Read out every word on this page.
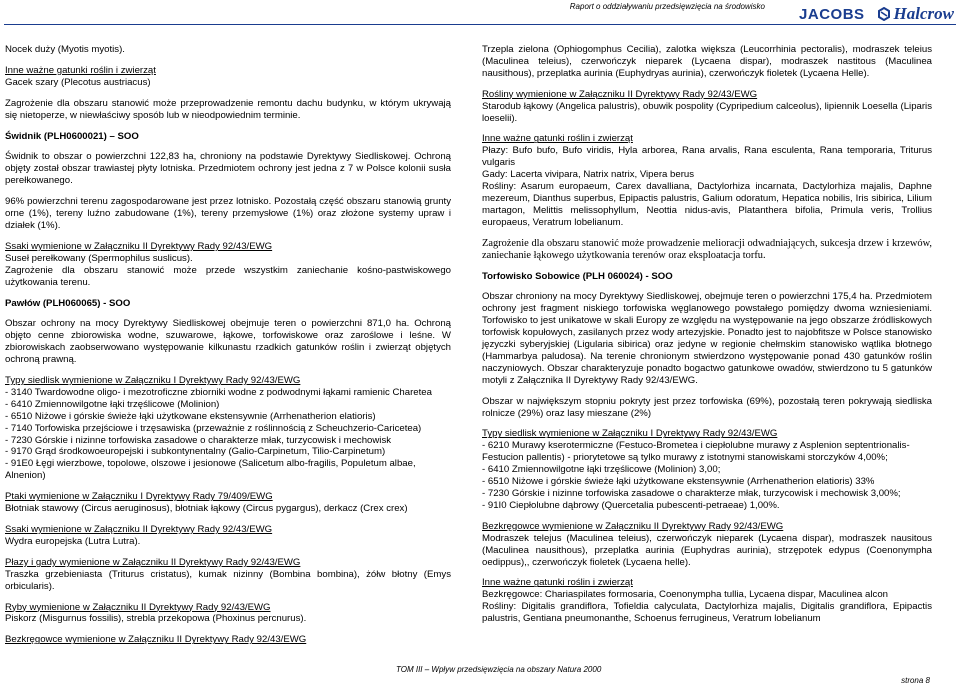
Raport o oddziaływaniu przedsięwzięcia na środowisko JACOBS Halcrow

Nocek duży (Myotis myotis).

Inne ważne gatunki roślin i zwierząt
Gacek szary (Plecotus austriacus)

Zagrożenie dla obszaru stanowić może przeprowadzenie remontu dachu budynku, w którym ukrywają się nietoperze, w niewłaściwy sposób lub w nieodpowiednim terminie.

Świdnik (PLH0600021) – SOO

Świdnik to obszar o powierzchni 122,83 ha, chroniony na podstawie Dyrektywy Siedliskowej. Ochroną objęty został obszar trawiastej płyty lotniska. Przedmiotem ochrony jest jedna z 7 w Polsce kolonii susła perełkowanego.

96% powierzchni terenu zagospodarowane jest przez lotnisko. Pozostałą część obszaru stanowią grunty orne (1%), tereny luźno zabudowane (1%), tereny przemysłowe (1%) oraz złożone systemy upraw i działek (1%).

Ssaki wymienione w Załączniku II Dyrektywy Rady 92/43/EWG
Suseł perełkowany (Spermophilus suslicus).
Zagrożenie dla obszaru stanowić może przede wszystkim zaniechanie kośno-pastwiskowego użytkowania terenu.

Pawłów (PLH060065) - SOO

Obszar ochrony na mocy Dyrektywy Siedliskowej obejmuje teren o powierzchni 871,0 ha. Ochroną objęto cenne zbiorowiska wodne, szuwarowe, łąkowe, torfowiskowe oraz zaroślowe i leśne. W zbiorowiskach zaobserwowano występowanie kilkunastu rzadkich gatunków roślin i zwierząt objętych ochroną prawną.

Typy siedlisk wymienione w Załączniku I Dyrektywy Rady 92/43/EWG

- 3140 Twardowodne oligo- i mezotroficzne zbiorniki wodne z podwodnymi łąkami ramienic Charetea
- 6410 Zmiennowilgotne łąki trzęślicowe (Molinion)
- 6510 Niżowe i górskie świeże łąki użytkowane ekstensywnie (Arrhenatherion elatioris)
- 7140 Torfowiska przejściowe i trzęsawiska (przeważnie z roślinnością z Scheuchzerio-Caricetea)
- 7230 Górskie i nizinne torfowiska zasadowe o charakterze młak, turzycowisk i mechowisk
- 9170 Grąd środkowoeuropejski i subkontynentalny (Galio-Carpinetum, Tilio-Carpinetum)
- 91E0 Łęgi wierzbowe, topolowe, olszowe i jesionowe (Salicetum albo-fragilis, Populetum albae, Alnenion)

Ptaki wymienione w Załączniku I Dyrektywy Rady 79/409/EWG
Błotniak stawowy (Circus aeruginosus), błotniak łąkowy (Circus pygargus), derkacz (Crex crex)

Ssaki wymienione w Załączniku II Dyrektywy Rady 92/43/EWG
Wydra europejska (Lutra Lutra).

Płazy i gady wymienione w Załączniku II Dyrektywy Rady 92/43/EWG
Traszka grzebieniasta (Triturus cristatus), kumak nizinny (Bombina bombina), żółw błotny (Emys orbicularis).

Ryby wymienione w Załączniku II Dyrektywy Rady 92/43/EWG
Piskorz (Misgurnus fossilis), strebla przekopowa (Phoxinus percnurus).

Bezkręgowce wymienione w Załączniku II Dyrektywy Rady 92/43/EWG

Trzepla zielona (Ophiogomphus Cecilia), zalotka większa (Leucorrhinia pectoralis), modraszek teleius (Maculinea teleius), czerwończyk nieparek (Lycaena dispar), modraszek nastitous (Maculinea nausithous), przeplatka aurinia (Euphydryas aurinia), czerwończyk fioletek (Lycaena Helle).

Rośliny wymienione w Załączniku II Dyrektywy Rady 92/43/EWG
Starodub łąkowy (Angelica palustris), obuwik pospolity (Cypripedium calceolus), lipiennik Loesella (Liparis loeselii).

Inne ważne gatunki roślin i zwierząt
Płazy: Bufo bufo, Bufo viridis, Hyla arborea, Rana arvalis, Rana esculenta, Rana temporaria, Triturus vulgaris
Gady: Lacerta vivipara, Natrix natrix, Vipera berus
Rośliny: Asarum europaeum, Carex davalliana, Dactylorhiza incarnata, Dactylorhiza majalis, Daphne mezereum, Dianthus superbus, Epipactis palustris, Galium odoratum, Hepatica nobilis, Iris sibirica, Lilium martagon, Melittis melissophyllum, Neottia nidus-avis, Platanthera bifolia, Primula veris, Trollius europaeus, Veratrum lobelianum.

Zagrożenie dla obszaru stanowić może prowadzenie melioracji odwadniających, sukcesja drzew i krzewów, zaniechanie łąkowego użytkowania terenów oraz eksploatacja torfu.

Torfowisko Sobowice (PLH 060024) - SOO

Obszar chroniony na mocy Dyrektywy Siedliskowej, obejmuje teren o powierzchni 175,4 ha. Przedmiotem ochrony jest fragment niskiego torfowiska węglanowego powstałego pomiędzy dwoma wzniesieniami. Torfowisko to jest unikatowe w skali Europy ze względu na występowanie na jego obszarze źródliskowych torfowisk kopułowych, zasilanych przez wody artezyjskie. Ponadto jest to najobfitsze w Polsce stanowisko języczki syberyjskiej (Ligularia sibirica) oraz jedyne w regionie chełmskim stanowisko wątlika błotnego (Hammarbya paludosa). Na terenie chronionym stwierdzono występowanie ponad 430 gatunków roślin naczyniowych. Obszar charakteryzuje ponadto bogactwo gatunkowe owadów, stwierdzono tu 5 gatunków motyli z Załącznika II Dyrektywy Rady 92/43/EWG.

Obszar w największym stopniu pokryty jest przez torfowiska (69%), pozostałą teren pokrywają siedliska rolnicze (29%) oraz lasy mieszane (2%)

Typy siedlisk wymienione w Załączniku I Dyrektywy Rady 92/43/EWG

- 6210 Murawy kserotermiczne (Festuco-Brometea i ciepłolubne murawy z Asplenion septentrionalis-Festucion pallentis) - priorytetowe są tylko murawy z istotnymi stanowiskami storczyków 4,00%;
- 6410 Zmiennowilgotne łąki trzęślicowe (Molinion) 3,00;
- 6510 Niżowe i górskie świeże łąki użytkowane ekstensywnie (Arrhenatherion elatioris) 33%
- 7230 Górskie i nizinne torfowiska zasadowe o charakterze młak, turzycowisk i mechowisk 3,00%;
- 91I0 Ciepłolubne dąbrowy (Quercetalia pubescenti-petraeae) 1,00%.

Bezkręgowce wymienione w Załączniku II Dyrektywy Rady 92/43/EWG
Modraszek telejus (Maculinea teleius), czerwończyk nieparek (Lycaena dispar), modraszek nausitous (Maculinea nausithous), przeplatka aurinia (Euphydras aurinia), strzępotek edypus (Coenonympha oedippus),, czerwończyk fioletek (Lycaena helle).

Inne ważne gatunki roślin i zwierząt
Bezkręgowce: Chariaspilates formosaria, Coenonympha tullia, Lycaena dispar, Maculinea alcon
Rośliny: Digitalis grandiflora, Tofieldia calyculata, Dactylorhiza majalis, Digitalis grandiflora, Epipactis palustris, Gentiana pneumonanthe, Schoenus ferrugineus, Veratrum lobelianum

TOM III – Wpływ przedsięwzięcia na obszary Natura 2000
strona 8
